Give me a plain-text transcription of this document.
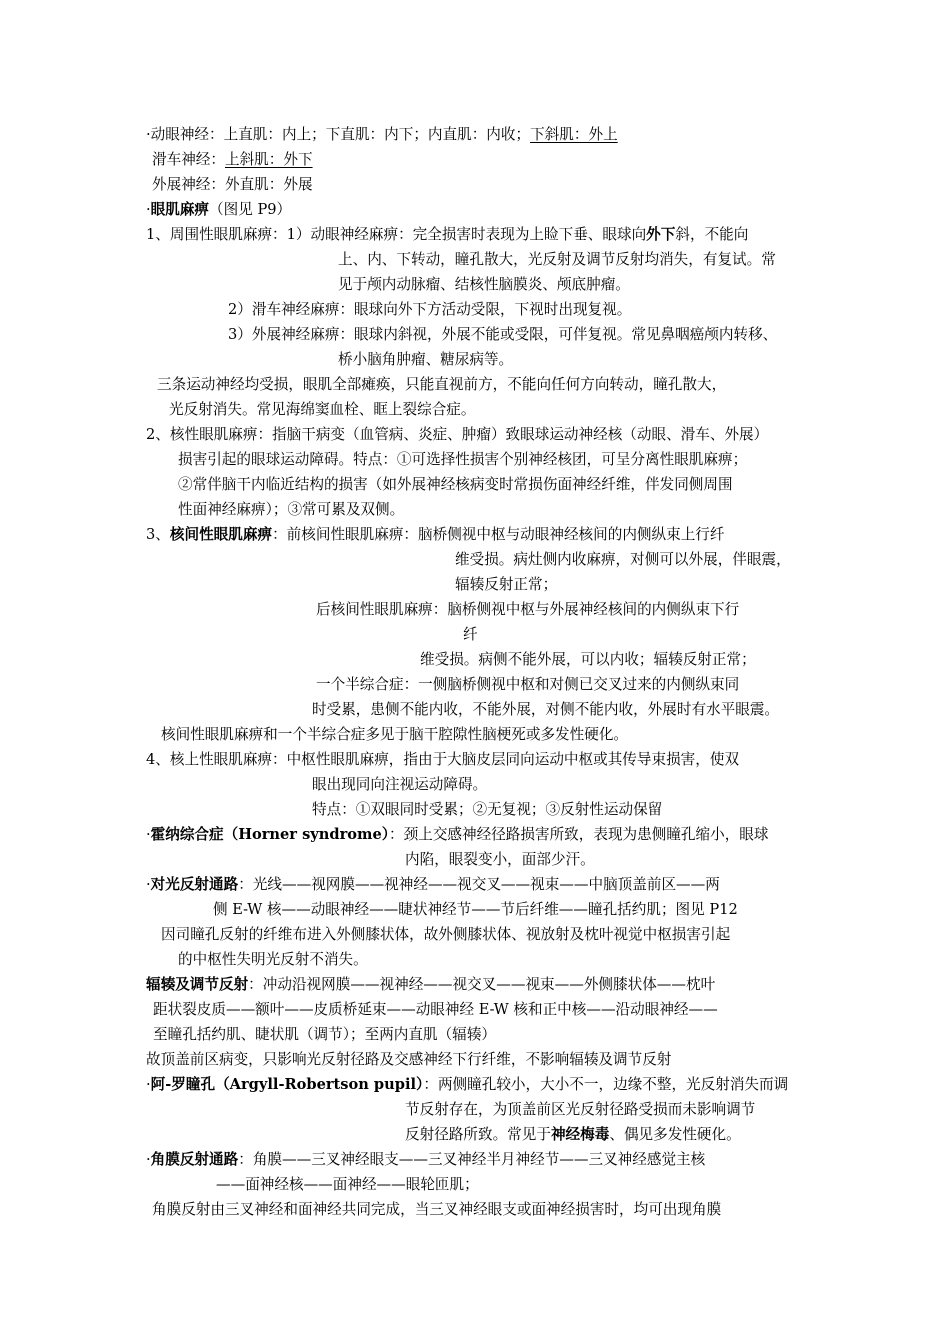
·动眼神经：上直肌：内上；下直肌：内下；内直肌：内收；下斜肌：外上
滑车神经：上斜肌：外下
外展神经：外直肌：外展
·眼肌麻痹（图见 P9）
1、周围性眼肌麻痹：1）动眼神经麻痹：完全损害时表现为上睑下垂、眼球向外下斜，不能向
上、内、下转动，瞳孔散大，光反射及调节反射均消失，有复试。常
见于颅内动脉瘤、结核性脑膜炎、颅底肿瘤。
2）滑车神经麻痹：眼球向外下方活动受限，下视时出现复视。
3）外展神经麻痹：眼球内斜视，外展不能或受限，可伴复视。常见鼻咽癌颅内转移、
桥小脑角肿瘤、糖尿病等。
三条运动神经均受损，眼肌全部瘫痪，只能直视前方，不能向任何方向转动，瞳孔散大，
光反射消失。常见海绵窦血栓、眶上裂综合症。
2、核性眼肌麻痹：指脑干病变（血管病、炎症、肿瘤）致眼球运动神经核（动眼、滑车、外展）
损害引起的眼球运动障碍。特点：①可选择性损害个别神经核团，可呈分离性眼肌麻痹；
②常伴脑干内临近结构的损害（如外展神经核病变时常损伤面神经纤维，伴发同侧周围
性面神经麻痹）；③常可累及双侧。
3、核间性眼肌麻痹：前核间性眼肌麻痹：脑桥侧视中枢与动眼神经核间的内侧纵束上行纤
维受损。病灶侧内收麻痹，对侧可以外展，伴眼震，
辐辏反射正常；
后核间性眼肌麻痹：脑桥侧视中枢与外展神经核间的内侧纵束下行
纤
维受损。病侧不能外展，可以内收；辐辏反射正常；
一个半综合症：一侧脑桥侧视中枢和对侧已交叉过来的内侧纵束同
时受累，患侧不能内收，不能外展，对侧不能内收，外展时有水平眼震。
核间性眼肌麻痹和一个半综合症多见于脑干腔隙性脑梗死或多发性硬化。
4、核上性眼肌麻痹：中枢性眼肌麻痹，指由于大脑皮层同向运动中枢或其传导束损害，使双
眼出现同向注视运动障碍。
特点：①双眼同时受累；②无复视；③反射性运动保留
·霍纳综合症（Horner syndrome）：颈上交感神经径路损害所致，表现为患侧瞳孔缩小，眼球
内陷，眼裂变小，面部少汗。
·对光反射通路：光线——视网膜——视神经——视交叉——视束——中脑顶盖前区——两
侧 E-W 核——动眼神经——睫状神经节——节后纤维——瞳孔括约肌；图见 P12
因司瞳孔反射的纤维布进入外侧膝状体，故外侧膝状体、视放射及枕叶视觉中枢损害引起
的中枢性失明光反射不消失。
辐辏及调节反射：冲动沿视网膜——视神经——视交叉——视束——外侧膝状体——枕叶
距状裂皮质——额叶——皮质桥延束——动眼神经 E-W 核和正中核——沿动眼神经——
至瞳孔括约肌、睫状肌（调节）；至两内直肌（辐辏）
故顶盖前区病变，只影响光反射径路及交感神经下行纤维，不影响辐辏及调节反射
·阿-罗瞳孔（Argyll-Robertson pupil）：两侧瞳孔较小，大小不一，边缘不整，光反射消失而调
节反射存在，为顶盖前区光反射径路受损而未影响调节
反射径路所致。常见于神经梅毒、偶见多发性硬化。
·角膜反射通路：角膜——三叉神经眼支——三叉神经半月神经节——三叉神经感觉主核
——面神经核——面神经——眼轮匝肌；
角膜反射由三叉神经和面神经共同完成，当三叉神经眼支或面神经损害时，均可出现角膜
